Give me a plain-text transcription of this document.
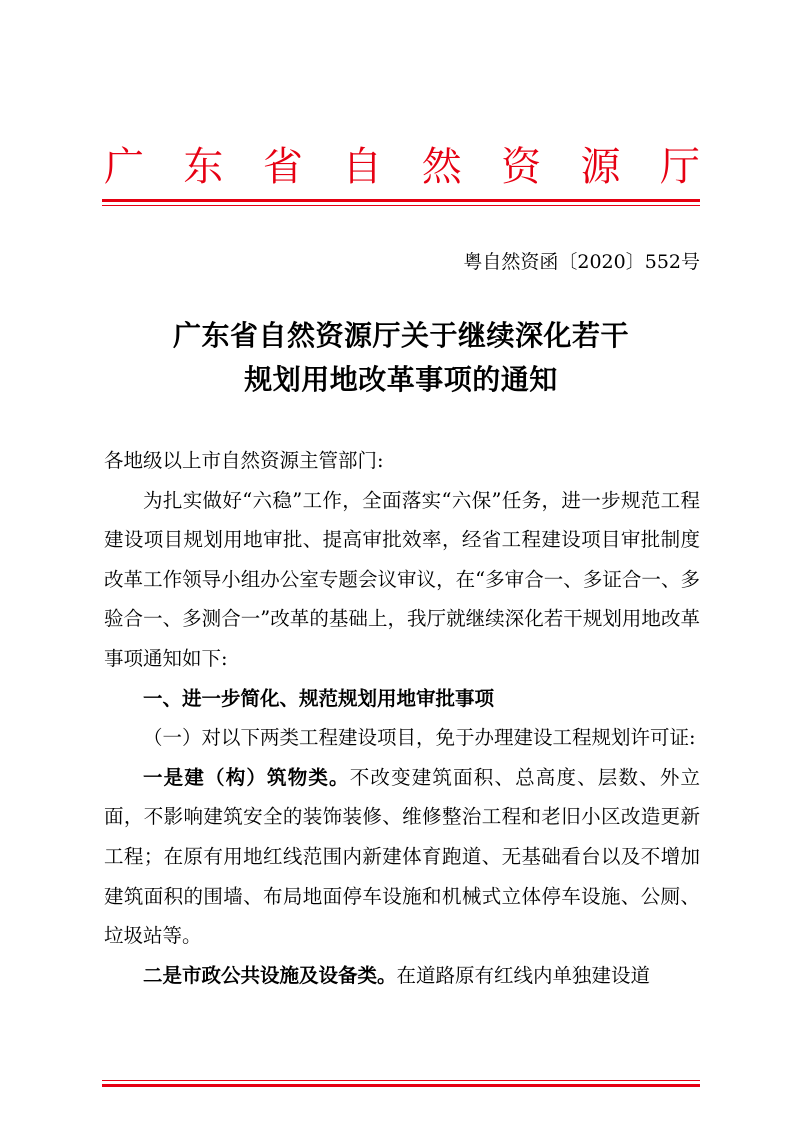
广 东 省 自 然 资 源 厅
粤自然资函〔2020〕552号
广东省自然资源厅关于继续深化若干
规划用地改革事项的通知

各地级以上市自然资源主管部门:

为扎实做好“六稳”工作，全面落实“六保”任务，进一步规范工程建设项目规划用地审批、提高审批效率，经省工程建设项目审批制度改革工作领导小组办公室专题会议审议，在“多审合一、多证合一、多验合一、多测合一”改革的基础上，我厅就继续深化若干规划用地改革事项通知如下:

一、进一步简化、规范规划用地审批事项

（一）对以下两类工程建设项目，免于办理建设工程规划许可证:

一是建（构）筑物类。不改变建筑面积、总高度、层数、外立面，不影响建筑安全的装饰装修、维修整治工程和老旧小区改造更新工程；在原有用地红线范围内新建体育跑道、无基础看台以及不增加建筑面积的围墙、布局地面停车设施和机械式立体停车设施、公厕、垃圾站等。

二是市政公共设施及设备类。在道路原有红线内单独建设道
